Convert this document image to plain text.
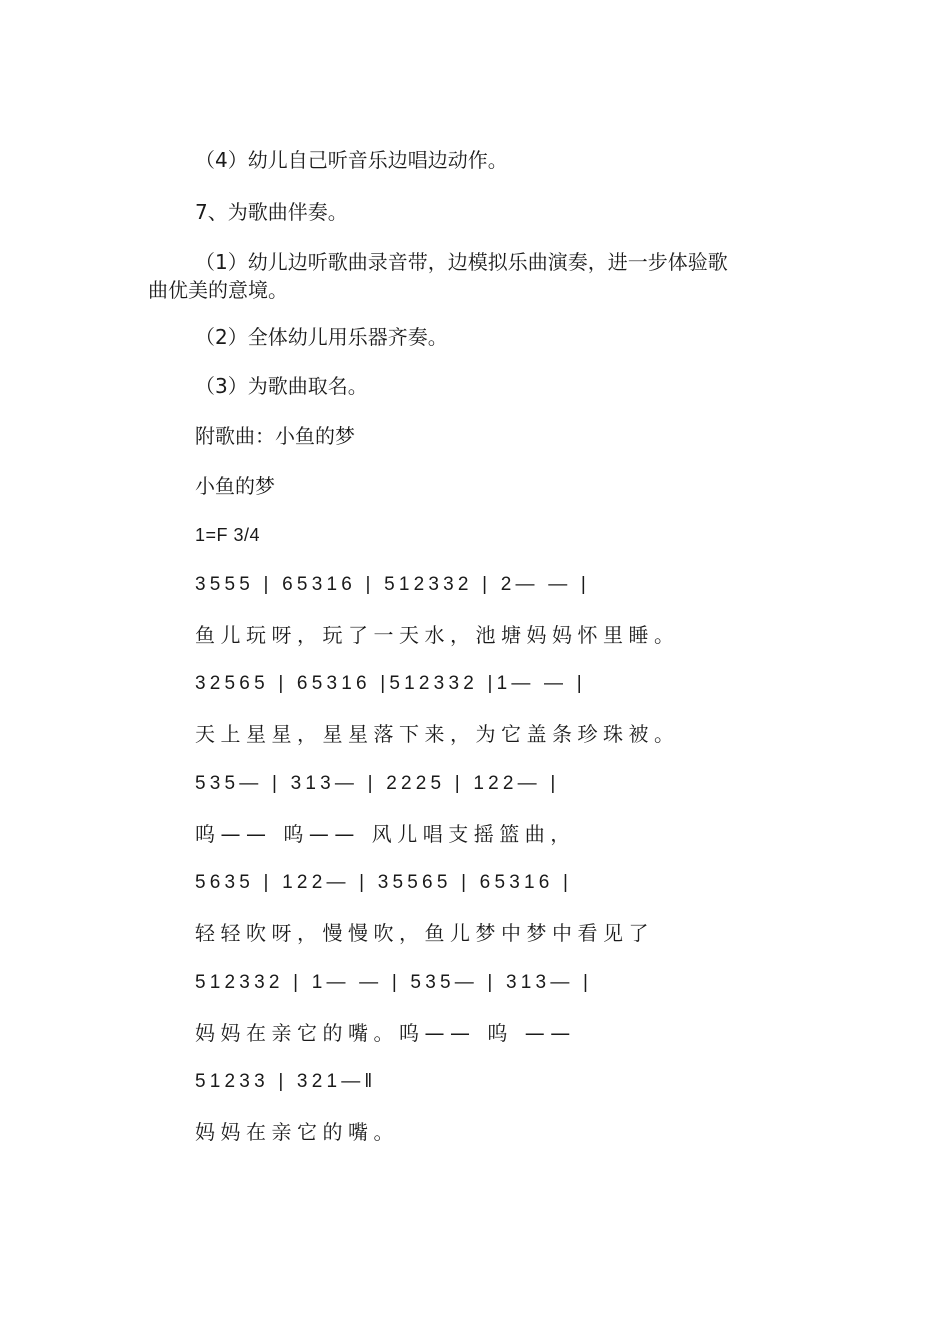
（4）幼儿自己听音乐边唱边动作。
7、为歌曲伴奏。
（1）幼儿边听歌曲录音带，边模拟乐曲演奏，进一步体验歌
曲优美的意境。
（2）全体幼儿用乐器齐奏。
（3）为歌曲取名。
附歌曲：小鱼的梦
小鱼的梦
1=F 3/4
3555 | 65316 | 512332 | 2— — |
鱼儿玩呀，玩了一天水，池塘妈妈怀里睡。
32565 | 65316 |512332 |1— — |
天上星星，星星落下来，为它盖条珍珠被。
535— | 313— | 2225 | 122— |
呜—— 呜—— 风儿唱支摇篮曲，
5635 | 122— | 35565 | 65316 |
轻轻吹呀，慢慢吹，鱼儿梦中梦中看见了
512332 | 1— — | 535— | 313— |
妈妈在亲它的嘴。呜—— 呜 ——
51233 | 321—‖
妈妈在亲它的嘴。
